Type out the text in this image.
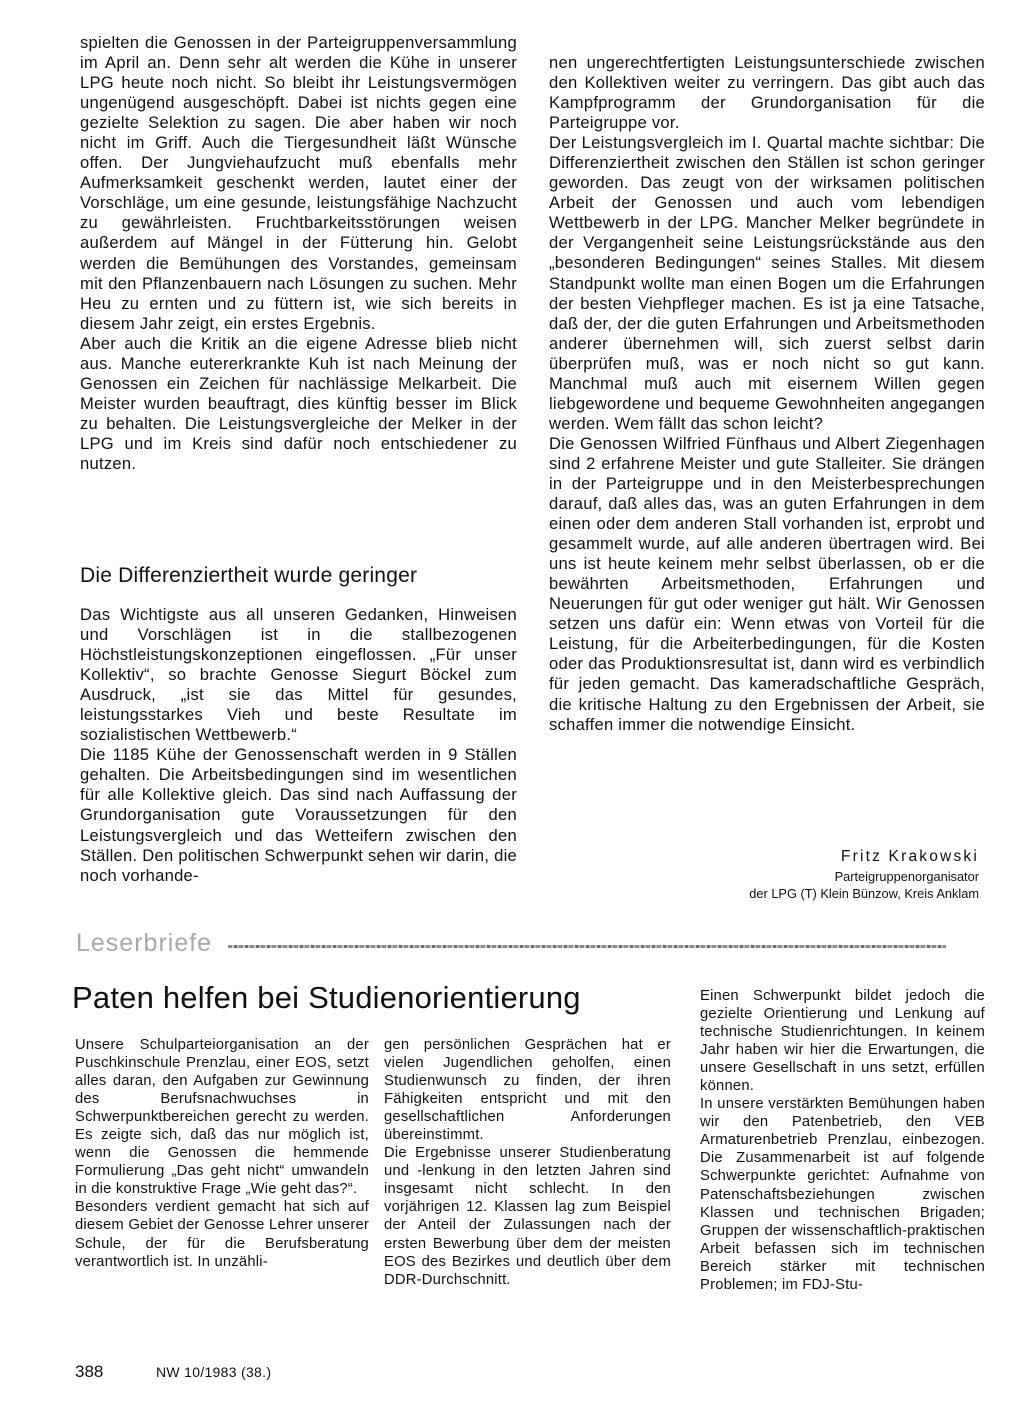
spielten die Genossen in der Parteigruppenversammlung im April an. Denn sehr alt werden die Kühe in unserer LPG heute noch nicht. So bleibt ihr Leistungsvermögen ungenügend ausgeschöpft. Dabei ist nichts gegen eine gezielte Selektion zu sagen. Die aber haben wir noch nicht im Griff. Auch die Tiergesundheit läßt Wünsche offen. Der Jungviehaufzucht muß ebenfalls mehr Aufmerksamkeit geschenkt werden, lautet einer der Vorschläge, um eine gesunde, leistungsfähige Nachzucht zu gewährleisten. Fruchtbarkeitsstörungen weisen außerdem auf Mängel in der Fütterung hin. Gelobt werden die Bemühungen des Vorstandes, gemeinsam mit den Pflanzenbauern nach Lösungen zu suchen. Mehr Heu zu ernten und zu füttern ist, wie sich bereits in diesem Jahr zeigt, ein erstes Ergebnis.

Aber auch die Kritik an die eigene Adresse blieb nicht aus. Manche eutererkrankte Kuh ist nach Meinung der Genossen ein Zeichen für nachlässige Melkarbeit. Die Meister wurden beauftragt, dies künftig besser im Blick zu behalten. Die Leistungsvergleiche der Melker in der LPG und im Kreis sind dafür noch entschiedener zu nutzen.

Die Differenziertheit wurde geringer

Das Wichtigste aus all unseren Gedanken, Hinweisen und Vorschlägen ist in die stallbezogenen Höchstleistungskonzeptionen eingeflossen. „Für unser Kollektiv“, so brachte Genosse Siegurt Böckel zum Ausdruck, „ist sie das Mittel für gesundes, leistungsstarkes Vieh und beste Resultate im sozialistischen Wettbewerb.“

Die 1185 Kühe der Genossenschaft werden in 9 Ställen gehalten. Die Arbeitsbedingungen sind im wesentlichen für alle Kollektive gleich. Das sind nach Auffassung der Grundorganisation gute Voraussetzungen für den Leistungsvergleich und das Wetteifern zwischen den Ställen. Den politischen Schwerpunkt sehen wir darin, die noch vorhande-

nen ungerechtfertigten Leistungsunterschiede zwischen den Kollektiven weiter zu verringern. Das gibt auch das Kampfprogramm der Grundorganisation für die Parteigruppe vor.

Der Leistungsvergleich im I. Quartal machte sichtbar: Die Differenziertheit zwischen den Ställen ist schon geringer geworden. Das zeugt von der wirksamen politischen Arbeit der Genossen und auch vom lebendigen Wettbewerb in der LPG. Mancher Melker begründete in der Vergangenheit seine Leistungsrückstände aus den „besonderen Bedingungen“ seines Stalles. Mit diesem Standpunkt wollte man einen Bogen um die Erfahrungen der besten Viehpfleger machen. Es ist ja eine Tatsache, daß der, der die guten Erfahrungen und Arbeitsmethoden anderer übernehmen will, sich zuerst selbst darin überprüfen muß, was er noch nicht so gut kann. Manchmal muß auch mit eisernem Willen gegen liebgewordene und bequeme Gewohnheiten angegangen werden. Wem fällt das schon leicht?

Die Genossen Wilfried Fünfhaus und Albert Ziegenhagen sind 2 erfahrene Meister und gute Stalleiter. Sie drängen in der Parteigruppe und in den Meisterbesprechungen darauf, daß alles das, was an guten Erfahrungen in dem einen oder dem anderen Stall vorhanden ist, erprobt und gesammelt wurde, auf alle anderen übertragen wird. Bei uns ist heute keinem mehr selbst überlassen, ob er die bewährten Arbeitsmethoden, Erfahrungen und Neuerungen für gut oder weniger gut hält. Wir Genossen setzen uns dafür ein: Wenn etwas von Vorteil für die Leistung, für die Arbeiterbedingungen, für die Kosten oder das Produktionsresultat ist, dann wird es verbindlich für jeden gemacht. Das kameradschaftliche Gespräch, die kritische Haltung zu den Ergebnissen der Arbeit, sie schaffen immer die notwendige Einsicht.

Fritz Krakowski

Parteigruppenorganisator
der LPG (T) Klein Bünzow, Kreis Anklam

Leserbriefe

Paten helfen bei Studienorientierung

Unsere Schulparteiorganisation an der Puschkinschule Prenzlau, einer EOS, setzt alles daran, den Aufgaben zur Gewinnung des Berufsnachwuchses in Schwerpunktbereichen gerecht zu werden. Es zeigte sich, daß das nur möglich ist, wenn die Genossen die hemmende Formulierung „Das geht nicht“ umwandeln in die konstruktive Frage „Wie geht das?“.

Besonders verdient gemacht hat sich auf diesem Gebiet der Genosse Lehrer unserer Schule, der für die Berufsberatung verantwortlich ist. In unzähli-

gen persönlichen Gesprächen hat er vielen Jugendlichen geholfen, einen Studienwunsch zu finden, der ihren Fähigkeiten entspricht und mit den gesellschaftlichen Anforderungen übereinstimmt.

Die Ergebnisse unserer Studienberatung und -lenkung in den letzten Jahren sind insgesamt nicht schlecht. In den vorjährigen 12. Klassen lag zum Beispiel der Anteil der Zulassungen nach der ersten Bewerbung über dem der meisten EOS des Bezirkes und deutlich über dem DDR-Durchschnitt.

Einen Schwerpunkt bildet jedoch die gezielte Orientierung und Lenkung auf technische Studienrichtungen. In keinem Jahr haben wir hier die Erwartungen, die unsere Gesellschaft in uns setzt, erfüllen können.

In unsere verstärkten Bemühungen haben wir den Patenbetrieb, den VEB Armaturenbetrieb Prenzlau, einbezogen. Die Zusammenarbeit ist auf folgende Schwerpunkte gerichtet: Aufnahme von Patenschaftsbeziehungen zwischen Klassen und technischen Brigaden; Gruppen der wissenschaftlich-praktischen Arbeit befassen sich im technischen Bereich stärker mit technischen Problemen; im FDJ-Stu-

388	NW 10/1983 (38.)
